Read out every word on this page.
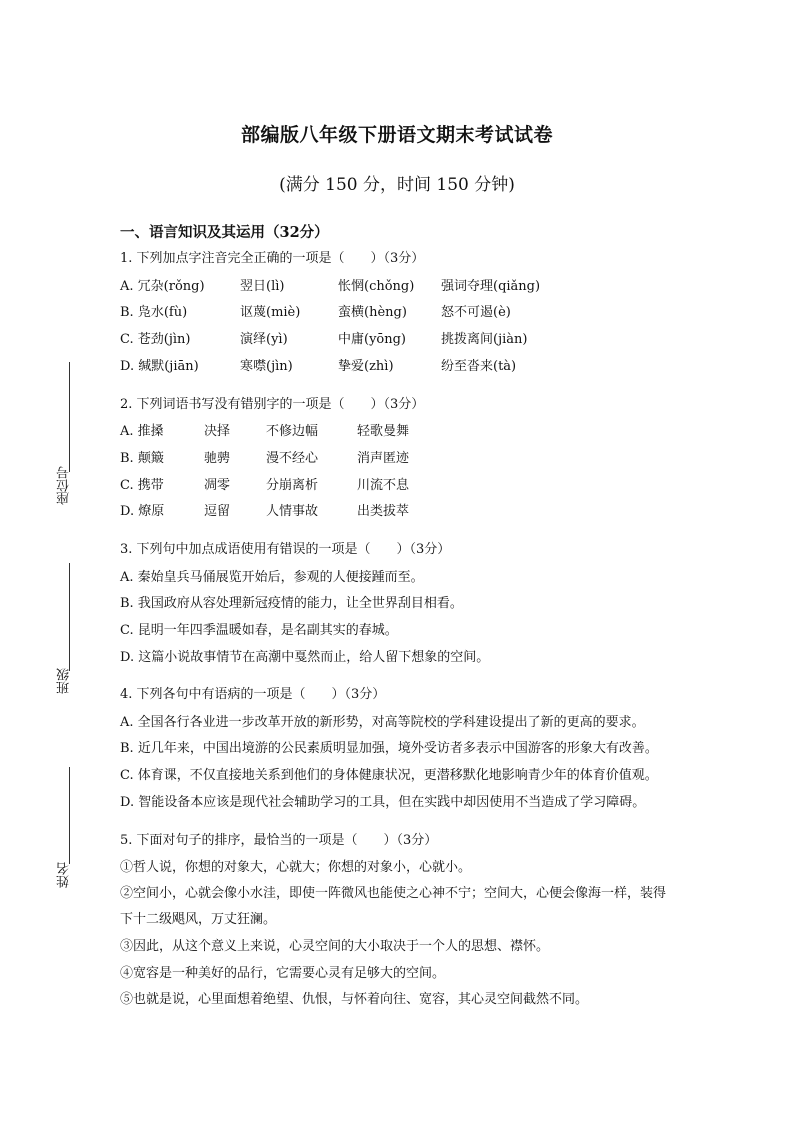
座位号
班级
姓名
部编版八年级下册语文期末考试试卷
(满分 150 分，时间 150 分钟)
一、语言知识及其运用（32分）
1. 下列加点字注音完全正确的一项是（　　）（3分）
A. 冗杂(rǒng)	翌日(lì)	怅惘(chǒng) 强词夺理(qiǎng)
B. 凫水(fù)	讴蔑(miè)	蛮横(hèng)	怒不可遏(è)
C. 苍劲(jìn)	演绎(yì)	中庸(yōng)	挑拨离间(jiàn)
D. 缄默(jiān)	寒噤(jìn)	挚爱(zhì)	纷至沓来(tà)
2. 下列词语书写没有错别字的一项是（　　）（3分）
A. 推搡	决择	不修边幅	轻歌曼舞
B. 颠簸	驰骋	漫不经心	消声匿迹
C. 携带	凋零	分崩离析	川流不息
D. 燎原	逗留	人情事故	出类拔萃
3. 下列句中加点成语使用有错误的一项是（　　）（3分）
A. 秦始皇兵马俑展览开始后，参观的人便接踵而至。
B. 我国政府从容处理新冠疫情的能力，让全世界刮目相看。
C. 昆明一年四季温暖如春，是名副其实的春城。
D. 这篇小说故事情节在高潮中戛然而止，给人留下想象的空间。
4. 下列各句中有语病的一项是（　　）（3分）
A. 全国各行各业进一步改革开放的新形势，对高等院校的学科建设提出了新的更高的要求。
B. 近几年来，中国出境游的公民素质明显加强，境外受访者多表示中国游客的形象大有改善。
C. 体育课，不仅直接地关系到他们的身体健康状况，更潜移默化地影响青少年的体育价值观。
D. 智能设备本应该是现代社会辅助学习的工具，但在实践中却因使用不当造成了学习障碍。
5. 下面对句子的排序，最恰当的一项是（　　）（3分）
①哲人说，你想的对象大，心就大；你想的对象小，心就小。
②空间小，心就会像小水洼，即使一阵微风也能使之心神不宁；空间大，心便会像海一样，装得
下十二级飓风，万丈狂澜。
③因此，从这个意义上来说，心灵空间的大小取决于一个人的思想、襟怀。
④宽容是一种美好的品行，它需要心灵有足够大的空间。
⑤也就是说，心里面想着绝望、仇恨，与怀着向往、宽容，其心灵空间截然不同。
